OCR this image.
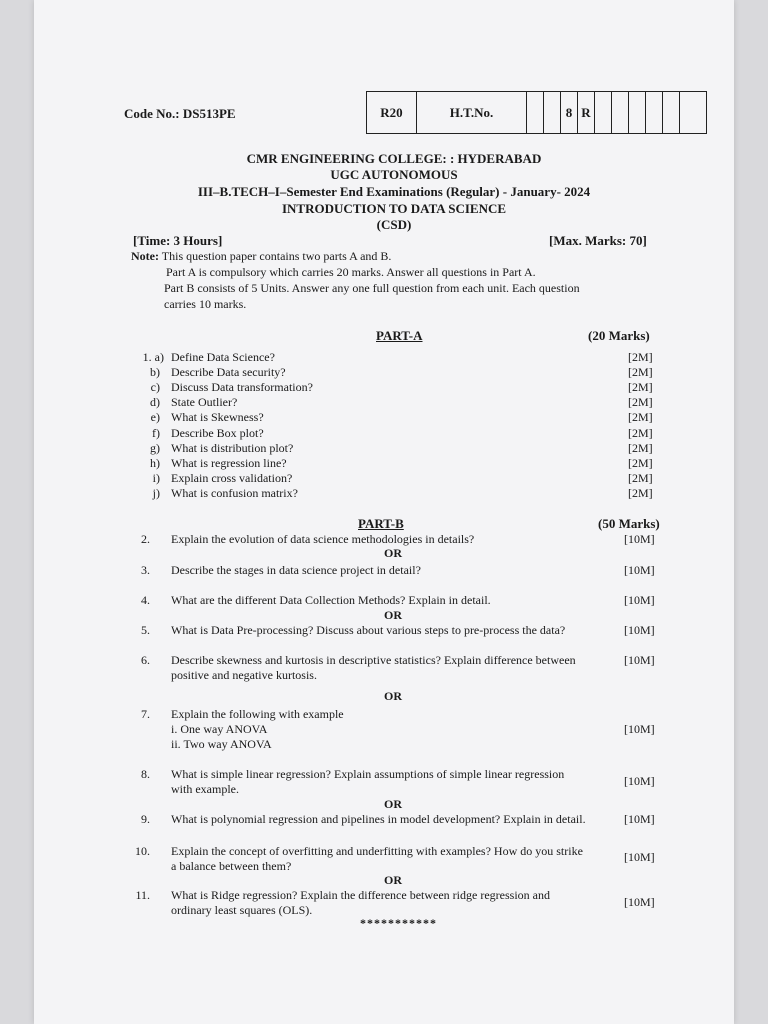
Code No.: DS513PE	R20	H.T.No.	8 R
CMR ENGINEERING COLLEGE: : HYDERABAD
UGC AUTONOMOUS
III–B.TECH–I–Semester End Examinations (Regular) - January- 2024
INTRODUCTION TO DATA SCIENCE
(CSD)
[Time: 3 Hours]	[Max. Marks: 70]
Note: This question paper contains two parts A and B.
Part A is compulsory which carries 20 marks. Answer all questions in Part A.
Part B consists of 5 Units. Answer any one full question from each unit. Each question
carries 10 marks.
PART-A	(20 Marks)
1. a) Define Data Science?	[2M]
b) Describe Data security?	[2M]
c) Discuss Data transformation?	[2M]
d) State Outlier?	[2M]
e) What is Skewness?	[2M]
f) Describe Box plot?	[2M]
g) What is distribution plot?	[2M]
h) What is regression line?	[2M]
i) Explain cross validation?	[2M]
j) What is confusion matrix?	[2M]
PART-B	(50 Marks)
2. Explain the evolution of data science methodologies in details?	[10M]
OR
3. Describe the stages in data science project in detail?	[10M]
4. What are the different Data Collection Methods? Explain in detail.	[10M]
OR
5. What is Data Pre-processing? Discuss about various steps to pre-process the data?	[10M]
6. Describe skewness and kurtosis in descriptive statistics? Explain difference between
positive and negative kurtosis.
[10M]
OR
7. Explain the following with example
i. One way ANOVA
ii. Two way ANOVA
[10M]
8. What is simple linear regression? Explain assumptions of simple linear regression
with example.
[10M]
OR
9. What is polynomial regression and pipelines in model development? Explain in detail.	[10M]
10. Explain the concept of overfitting and underfitting with examples? How do you strike
a balance between them?
[10M]
OR
11. What is Ridge regression? Explain the difference between ridge regression and
ordinary least squares (OLS).
[10M]
***********
